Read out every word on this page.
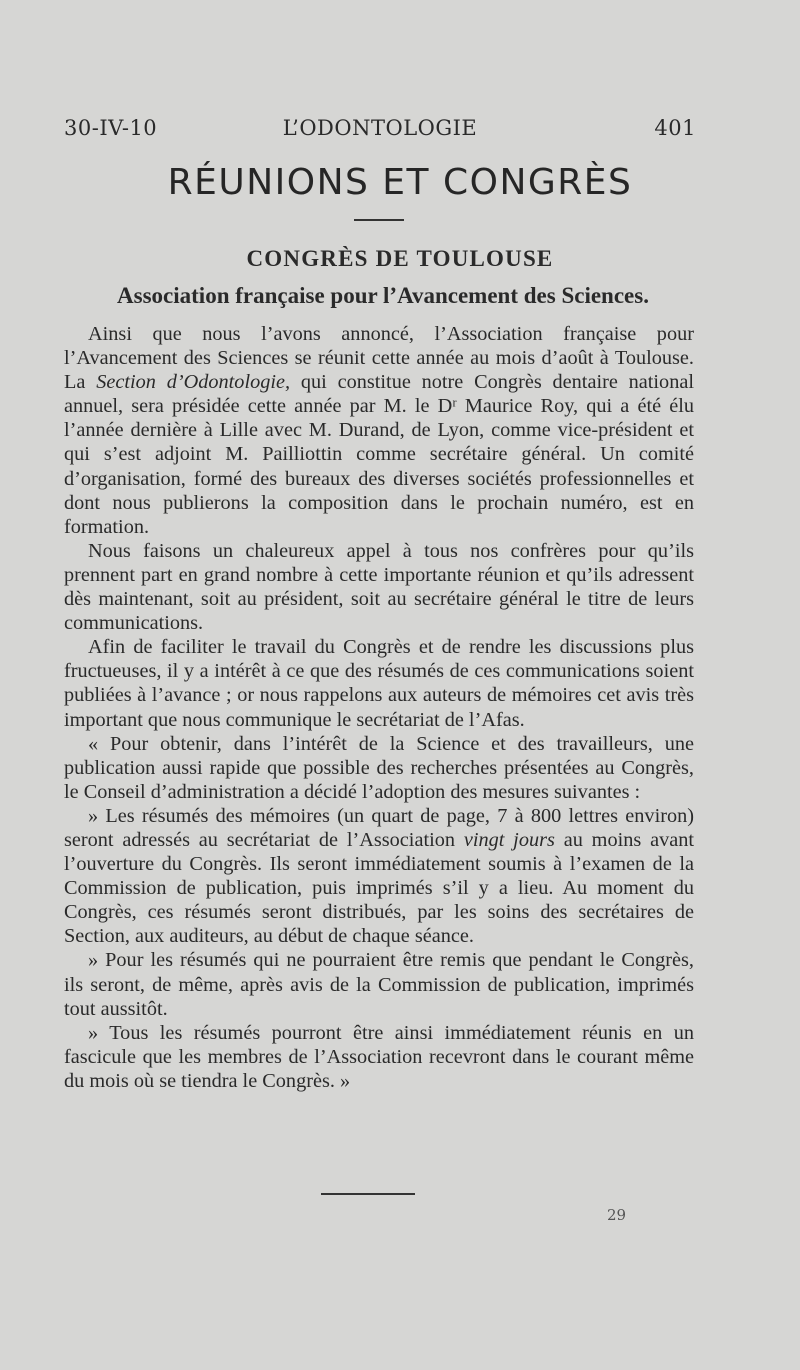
30-IV-10	L’ODONTOLOGIE	401
RÉUNIONS ET CONGRÈS
CONGRÈS DE TOULOUSE
Association française pour l’Avancement des Sciences.

Ainsi que nous l’avons annoncé, l’Association française pour l’Avancement des Sciences se réunit cette année au mois d’août à Toulouse. La Section d’Odontologie, qui constitue notre Congrès dentaire national annuel, sera présidée cette année par M. le Dʳ Maurice Roy, qui a été élu l’année dernière à Lille avec M. Durand, de Lyon, comme vice-président et qui s’est adjoint M. Pailliottin comme secrétaire général. Un comité d’organisation, formé des bureaux des diverses sociétés professionnelles et dont nous publierons la composition dans le prochain numéro, est en formation.

Nous faisons un chaleureux appel à tous nos confrères pour qu’ils prennent part en grand nombre à cette importante réunion et qu’ils adressent dès maintenant, soit au président, soit au secrétaire général le titre de leurs communications.

Afin de faciliter le travail du Congrès et de rendre les discussions plus fructueuses, il y a intérêt à ce que des résumés de ces communications soient publiées à l’avance ; or nous rappelons aux auteurs de mémoires cet avis très important que nous communique le secrétariat de l’Afas.

« Pour obtenir, dans l’intérêt de la Science et des travailleurs, une publication aussi rapide que possible des recherches présentées au Congrès, le Conseil d’administration a décidé l’adoption des mesures suivantes :

» Les résumés des mémoires (un quart de page, 7 à 800 lettres environ) seront adressés au secrétariat de l’Association vingt jours au moins avant l’ouverture du Congrès. Ils seront immédiatement soumis à l’examen de la Commission de publication, puis imprimés s’il y a lieu. Au moment du Congrès, ces résumés seront distribués, par les soins des secrétaires de Section, aux auditeurs, au début de chaque séance.

» Pour les résumés qui ne pourraient être remis que pendant le Congrès, ils seront, de même, après avis de la Commission de publication, imprimés tout aussitôt.

» Tous les résumés pourront être ainsi immédiatement réunis en un fascicule que les membres de l’Association recevront dans le courant même du mois où se tiendra le Congrès. »

29
